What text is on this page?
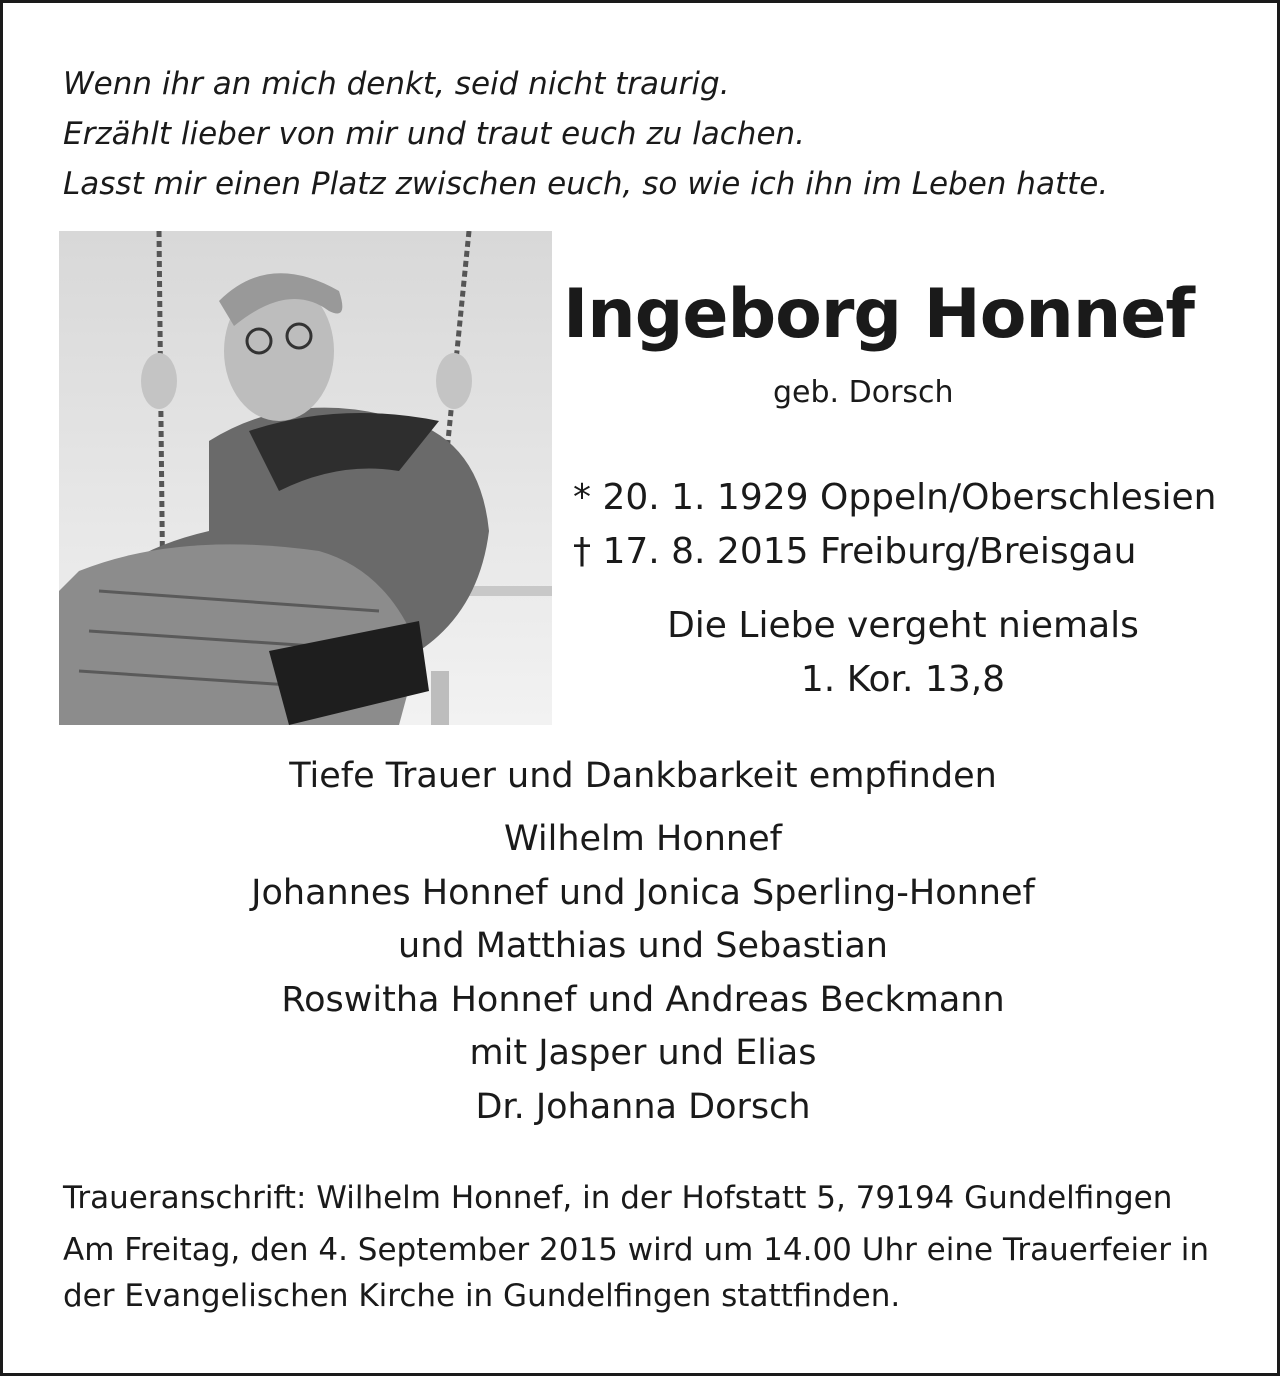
Wenn ihr an mich denkt, seid nicht traurig.
Erzählt lieber von mir und traut euch zu lachen.
Lasst mir einen Platz zwischen euch, so wie ich ihn im Leben hatte.
Ingeborg Honnef
geb. Dorsch
* 20. 1. 1929 Oppeln/Oberschlesien
† 17. 8. 2015 Freiburg/Breisgau
Die Liebe vergeht niemals
1. Kor. 13,8
Tiefe Trauer und Dankbarkeit empfinden
Wilhelm Honnef
Johannes Honnef und Jonica Sperling-Honnef
und Matthias und Sebastian
Roswitha Honnef und Andreas Beckmann
mit Jasper und Elias
Dr. Johanna Dorsch
Traueranschrift: Wilhelm Honnef, in der Hofstatt 5, 79194 Gundelfingen
Am Freitag, den 4. September 2015 wird um 14.00 Uhr eine Trauerfeier in
der Evangelischen Kirche in Gundelfingen stattfinden.
